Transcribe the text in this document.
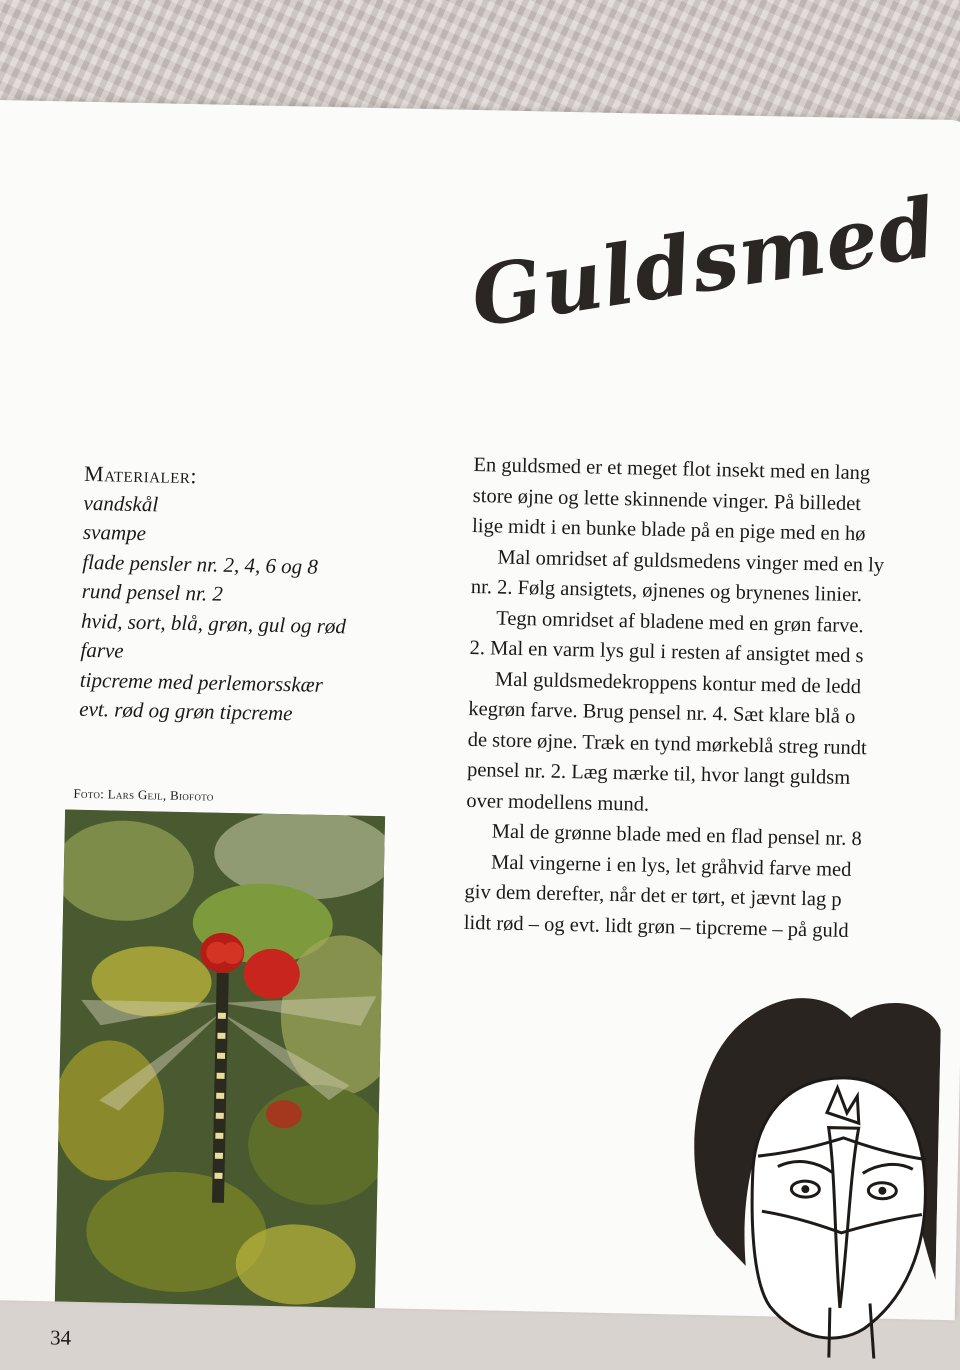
Guldsmed
Materialer:
vandskål
svampe
flade pensler nr. 2, 4, 6 og 8
rund pensel nr. 2
hvid, sort, blå, grøn, gul og rød
farve
tipcreme med perlemorsskær
evt. rød og grøn tipcreme
Foto: Lars Gejl, Biofoto

En guldsmed er et meget flot insekt med en lang

store øjne og lette skinnende vinger. På billedet

lige midt i en bunke blade på en pige med en hø

Mal omridset af guldsmedens vinger med en ly

nr. 2. Følg ansigtets, øjnenes og brynenes linier.

Tegn omridset af bladene med en grøn farve.

2. Mal en varm lys gul i resten af ansigtet med s

Mal guldsmedekroppens kontur med de ledd

kegrøn farve. Brug pensel nr. 4. Sæt klare blå o

de store øjne. Træk en tynd mørkeblå streg rundt

pensel nr. 2. Læg mærke til, hvor langt guldsm

over modellens mund.

Mal de grønne blade med en flad pensel nr. 8

Mal vingerne i en lys, let gråhvid farve med

giv dem derefter, når det er tørt, et jævnt lag p

lidt rød – og evt. lidt grøn – tipcreme – på guld

34
